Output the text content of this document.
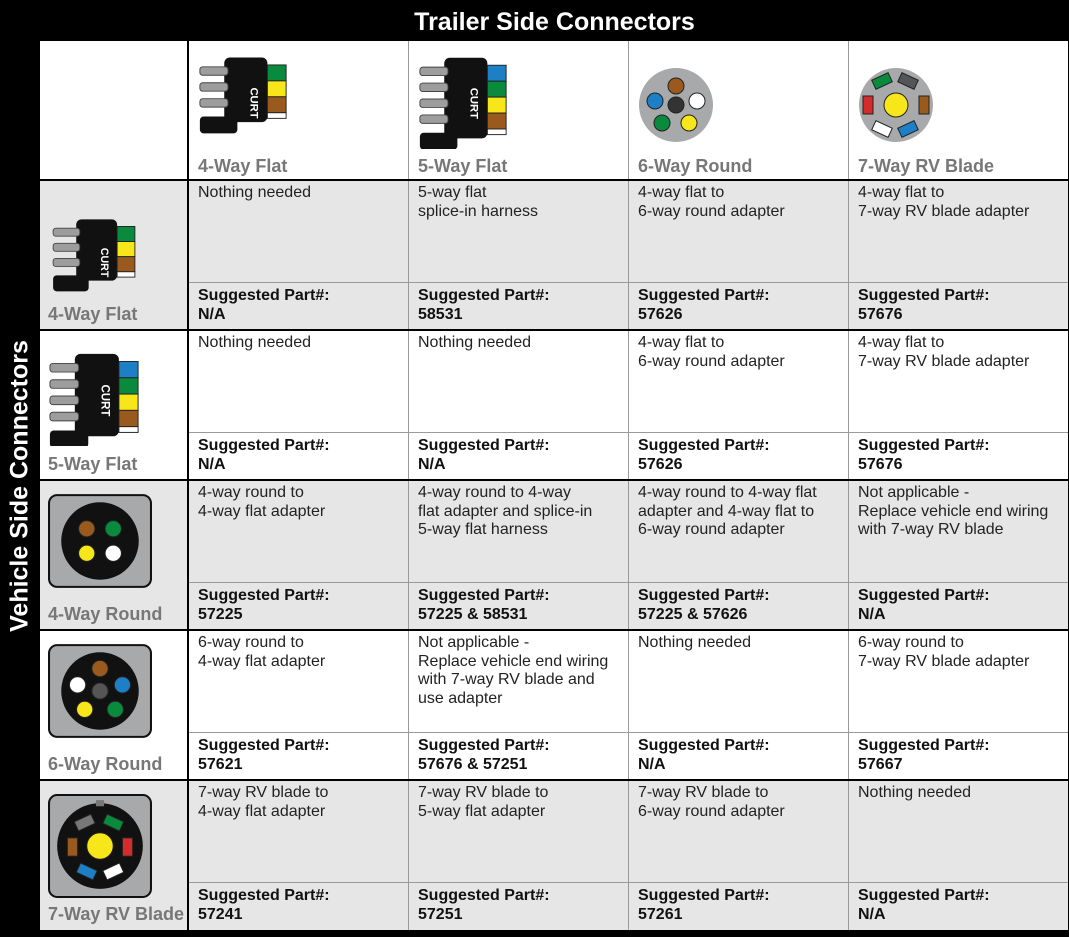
Trailer Side Connectors
Vehicle Side Connectors
CURT
4-Way Flat
CURT
5-Way Flat	6-Way Round	7-Way RV Blade
CURT
4-Way Flat
Nothing needed
Suggested Part#:
N/A
5-way flat
splice-in harness
Suggested Part#:
58531
4-way flat to
6-way round adapter
Suggested Part#:
57626
4-way flat to
7-way RV blade adapter
Suggested Part#:
57676
CURT
5-Way Flat
Nothing needed
Suggested Part#:
N/A
Nothing needed
Suggested Part#:
N/A
4-way flat to
6-way round adapter
Suggested Part#:
57626
4-way flat to
7-way RV blade adapter
Suggested Part#:
57676
4-Way Round
4-way round to
4-way flat adapter
Suggested Part#:
57225
4-way round to 4-way
flat adapter and splice-in
5-way flat harness
Suggested Part#:
57225 & 58531
4-way round to 4-way flat
adapter and 4-way flat to
6-way round adapter
Suggested Part#:
57225 & 57626
Not applicable -
Replace vehicle end wiring
with 7-way RV blade
Suggested Part#:
N/A
6-Way Round
6-way round to
4-way flat adapter
Suggested Part#:
57621
Not applicable -
Replace vehicle end wiring
with 7-way RV blade and
use adapter
Suggested Part#:
57676 & 57251
Nothing needed
Suggested Part#:
N/A
6-way round to
7-way RV blade adapter
Suggested Part#:
57667
7-Way RV Blade
7-way RV blade to
4-way flat adapter
Suggested Part#:
57241
7-way RV blade to
5-way flat adapter
Suggested Part#:
57251
7-way RV blade to
6-way round adapter
Suggested Part#:
57261
Nothing needed
Suggested Part#:
N/A
